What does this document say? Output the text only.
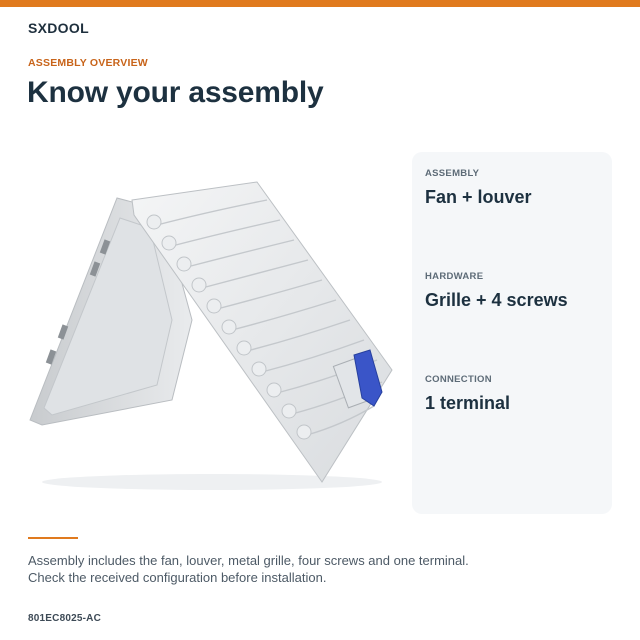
SXDOOL
ASSEMBLY OVERVIEW
Know your assembly
ASSEMBLY
Fan + louver
HARDWARE
Grille + 4 screws
CONNECTION
1 terminal
Assembly includes the fan, louver, metal grille, four screws and one terminal.
Check the received configuration before installation.
801EC8025-AC
